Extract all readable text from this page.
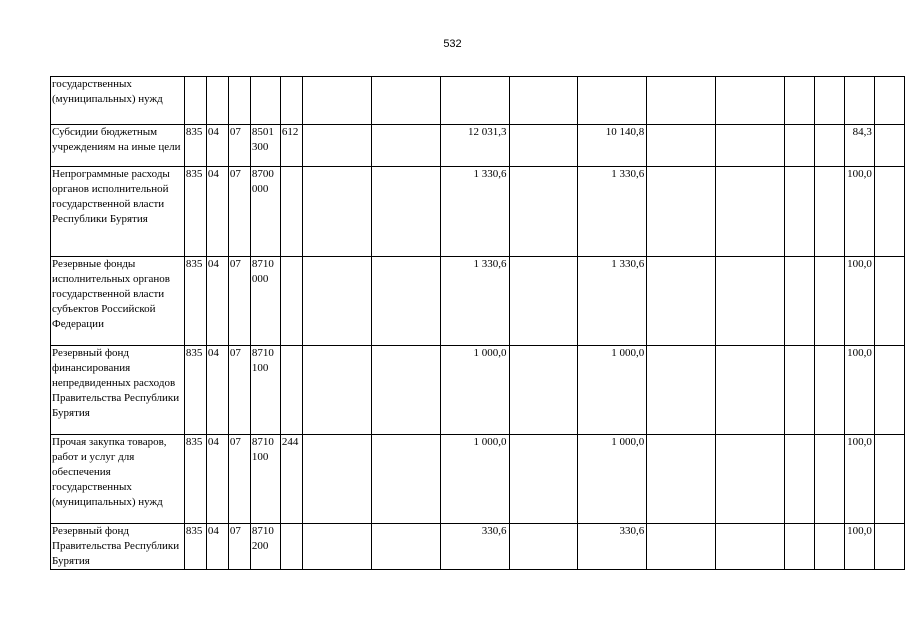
532
государственных (муниципальных) нужд																
Субсидии бюджетным учреждениям на иные цели	835	04	07	8501 300	612			12 031,3		10 140,8					84,3	
Непрограммные расходы органов исполнительной государственной власти Республики Бурятия	835	04	07	8700 000				1 330,6		1 330,6					100,0	
Резервные фонды исполнительных органов государственной власти субъектов Российской Федерации	835	04	07	8710 000				1 330,6		1 330,6					100,0	
Резервный фонд финансирования непредвиденных расходов Правительства Республики Бурятия	835	04	07	8710 100				1 000,0		1 000,0					100,0	
Прочая закупка товаров, работ и услуг для обеспечения государственных (муниципальных) нужд	835	04	07	8710 100	244			1 000,0		1 000,0					100,0	
Резервный фонд Правительства Республики Бурятия	835	04	07	8710 200				330,6		330,6					100,0	
